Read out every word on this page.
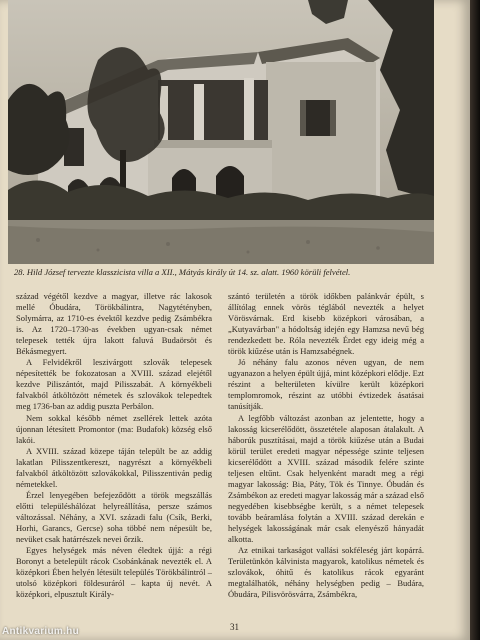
28. Hild József tervezte klasszicista villa a XII., Mátyás király út 14. sz. alatt. 1960 körüli felvétel.

század végétől kezdve a magyar, illetve rác lakosok mellé Óbudára, Törökbálintra, Nagytétényben, Solymárra, az 1710-es évektől kezdve pedig Zsámbékra is. Az 1720–1730-as években ugyan-csak német telepesek tették újra lakott faluvá Budaörsöt és Békásmegyert.

A Felvidékről leszivárgott szlovák telepesek népesítették be fokozatosan a XVIII. század elejétől kezdve Piliszántót, majd Pilisszabát. A környékbeli falvakból átköltözött németek és szlovákok telepedtek meg 1736-ban az addig puszta Perbálon.

Nem sokkal később német zsellérek lettek azóta újonnan létesített Promontor (ma: Budafok) község első lakói.

A XVIII. század közepe táján települt be az addig lakatlan Pilisszentkereszt, nagyrészt a környékbeli falvakból átköltözött szlovákokkal, Pilisszentiván pedig németekkel.

Érzel lenyegében befejeződött a török megszállás előtti településhálózat helyreállítása, persze számos változással. Néhány, a XVI. századi falu (Csík, Berki, Horhi, Garancs, Gercse) soha többé nem népesült be, nevüket csak határrészek nevei őrzik.

Egyes helységek más néven éledtek újjá: a régi Boronyt a betelepült rácok Csobánkának nevezték el. A középkori Ében helyén létesült település Törökbálintról – utolsó középkori földesuráról – kapta új nevét. A középkori, elpusztult Király-

szántó területén a török időkben palánkvár épült, s állítólag ennek vörös téglából nevezték a helyet Vörösvárnak. Erd kisebb középkori városában, a „Kutyavárban" a hódoltság idején egy Hamzsa nevű bég rendezkedett be. Róla nevezték Érdet egy ideig még a török kiűzése után is Hamzsabégnek.

Jó néhány falu azonos néven ugyan, de nem ugyanazon a helyen épült újjá, mint középkori elődje. Ezt részint a belterületen kívülre került középkori templomromok, részint az utóbbi évtizedek ásatásai tanúsítják.

A legfőbb változást azonban az jelentette, hogy a lakosság kicserélődött, összetétele alaposan átalakult. A háborúk pusztításai, majd a török kiűzése után a Budai körül terület eredeti magyar népessége szinte teljesen kicserélődött a XVIII. század második felére szinte teljesen eltűnt. Csak helyenként maradt meg a régi magyar lakosság: Bia, Páty, Tök és Tinnye. Óbudán és Zsámbékon az eredeti magyar lakosság már a század első negyedében kisebbségbe került, s a német telepesek tovább beáramlása folytán a XVIII. század derekán e helységek lakosságának már csak elenyésző hányadát alkotta.

Az etnikai tarkaságot vallási sokféleség járt kopárrá. Területünkön kálvinista magyarok, katolikus németek és szlovákok, óhitű és katolikus rácok egyaránt megtalálhatók, néhány helységben pedig – Budára, Óbudára, Pilisvörösvárra, Zsámbékra,

31
Antikvarium.hu
